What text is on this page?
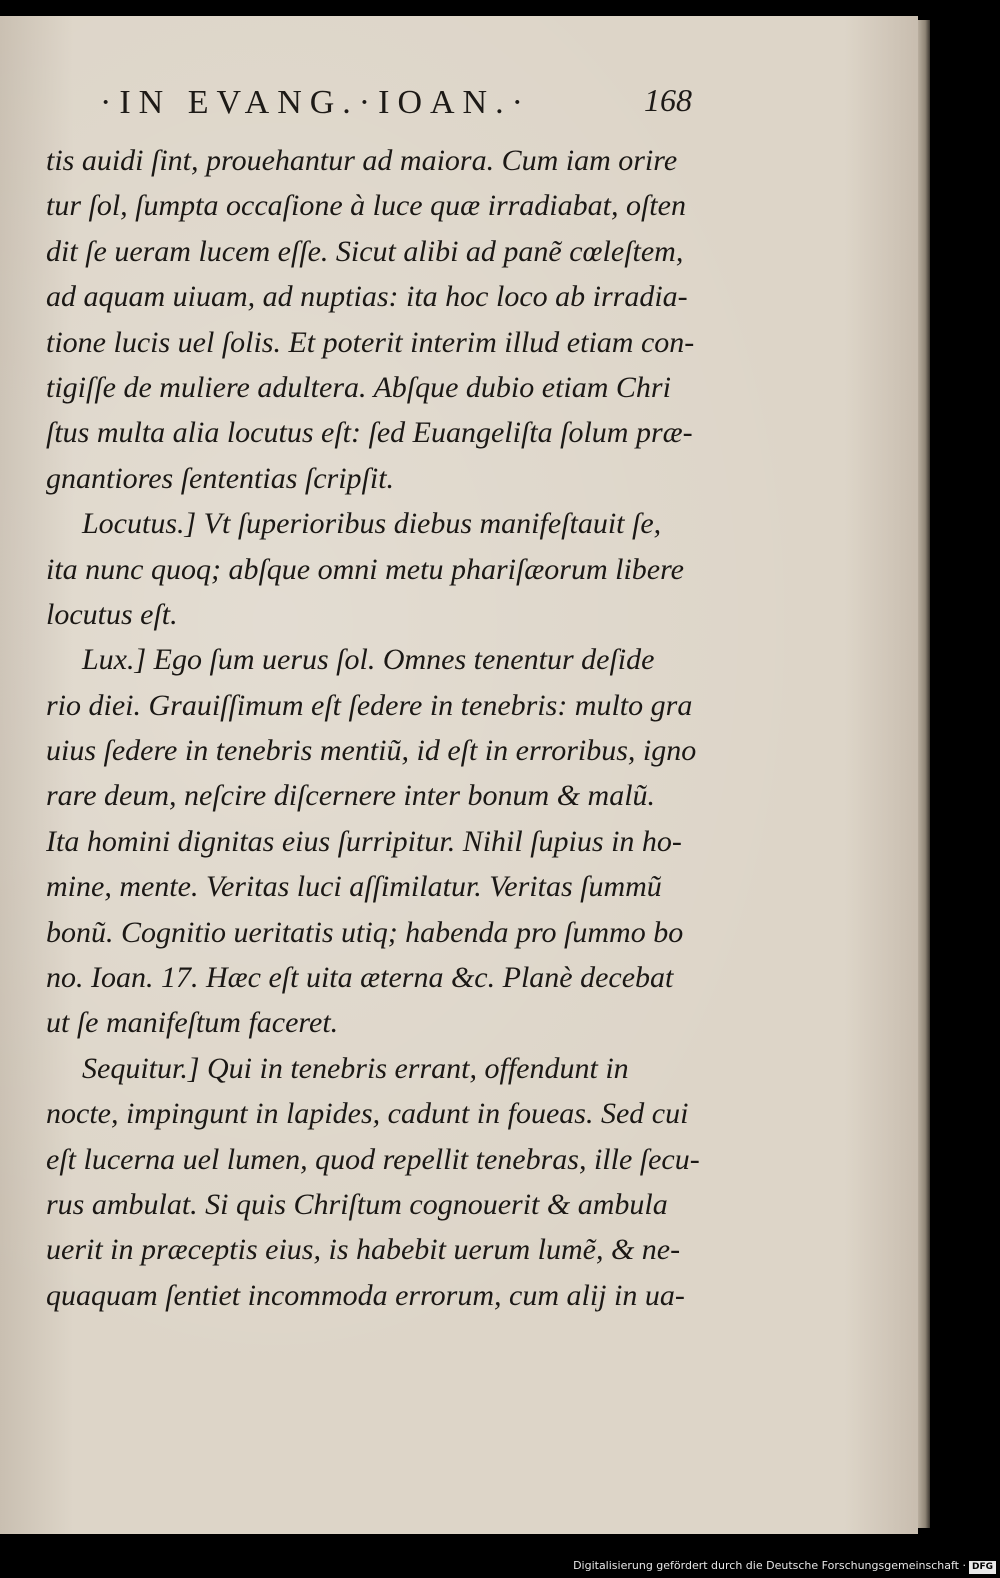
·IN EVANG.·IOAN.·	168
tis auidi ſint, prouehantur ad maiora. Cum iam orire
tur ſol, ſumpta occaſione à luce quæ irradiabat, oſten
dit ſe ueram lucem eſſe. Sicut alibi ad panẽ cœleſtem,
ad aquam uiuam, ad nuptias: ita hoc loco ab irradia-
tione lucis uel ſolis. Et poterit interim illud etiam con-
tigiſſe de muliere adultera. Abſque dubio etiam Chri
ſtus multa alia locutus eſt: ſed Euangeliſta ſolum præ-
gnantiores ſententias ſcripſit.
Locutus.] Vt ſuperioribus diebus manifeſtauit ſe,
ita nunc quoq; abſque omni metu phariſæorum libere
locutus eſt.
Lux.] Ego ſum uerus ſol. Omnes tenentur deſide
rio diei. Grauiſſimum eſt ſedere in tenebris: multo gra
uius ſedere in tenebris mentiũ, id eſt in erroribus, igno
rare deum, neſcire diſcernere inter bonum & malũ.
Ita homini dignitas eius ſurripitur. Nihil ſupius in ho-
mine, mente. Veritas luci aſſimilatur. Veritas ſummũ
bonũ. Cognitio ueritatis utiq; habenda pro ſummo bo
no. Ioan. 17. Hæc eſt uita æterna &c. Planè decebat
ut ſe manifeſtum faceret.
Sequitur.] Qui in tenebris errant, offendunt in
nocte, impingunt in lapides, cadunt in foueas. Sed cui
eſt lucerna uel lumen, quod repellit tenebras, ille ſecu-
rus ambulat. Si quis Chriſtum cognouerit & ambula
uerit in præceptis eius, is habebit uerum lumẽ, & ne-
quaquam ſentiet incommoda errorum, cum alij in ua-
Digitalisierung gefördert durch die Deutsche Forschungsgemeinschaft · DFG
